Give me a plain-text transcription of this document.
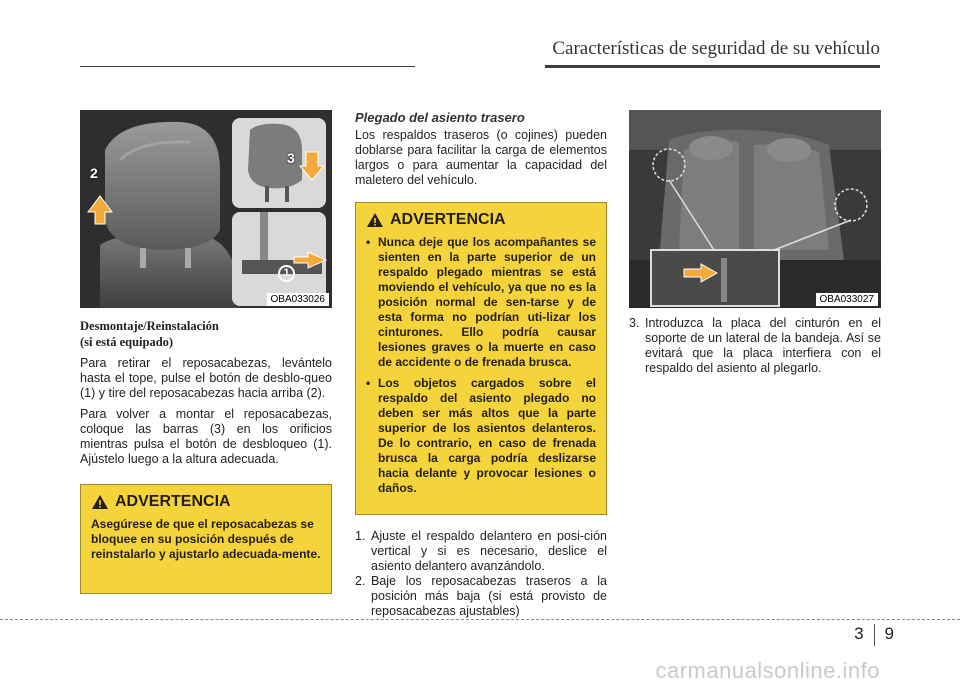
Características de seguridad de su vehículo
2
3
1
OBA033026
Desmontaje/Reinstalación
(si está equipado)

Para retirar el reposacabezas, levántelo hasta el tope, pulse el botón de desblo-queo (1) y tire del reposacabezas hacia arriba (2).

Para volver a montar el reposacabezas, coloque las barras (3) en los orificios mientras pulsa el botón de desbloqueo (1). Ajústelo luego a la altura adecuada.

ADVERTENCIA
Asegúrese de que el reposacabezas se bloquee en su posición después de reinstalarlo y ajustarlo adecuada-mente.
Plegado del asiento trasero

Los respaldos traseros (o cojines) pueden doblarse para facilitar la carga de elementos largos o para aumentar la capacidad del maletero del vehículo.

ADVERTENCIA
• Nunca deje que los acompañantes se sienten en la parte superior de un respaldo plegado mientras se está moviendo el vehículo, ya que no es la posición normal de sen-tarse y de esta forma no podrían uti-lizar los cinturones. Ello podría causar lesiones graves o la muerte en caso de accidente o de frenada brusca.
• Los objetos cargados sobre el respaldo del asiento plegado no deben ser más altos que la parte superior de los asientos delanteros. De lo contrario, en caso de frenada brusca la carga podría deslizarse hacia delante y provocar lesiones o daños.
1. Ajuste el respaldo delantero en posi-ción vertical y si es necesario, deslice el asiento delantero avanzándolo.
2. Baje los reposacabezas traseros a la posición más baja (si está provisto de reposacabezas ajustables)
OBA033027
3. Introduzca la placa del cinturón en el soporte de un lateral de la bandeja. Así se evitará que la placa interfiera con el respaldo del asiento al plegarlo.
3 9
carmanualsonline.info
